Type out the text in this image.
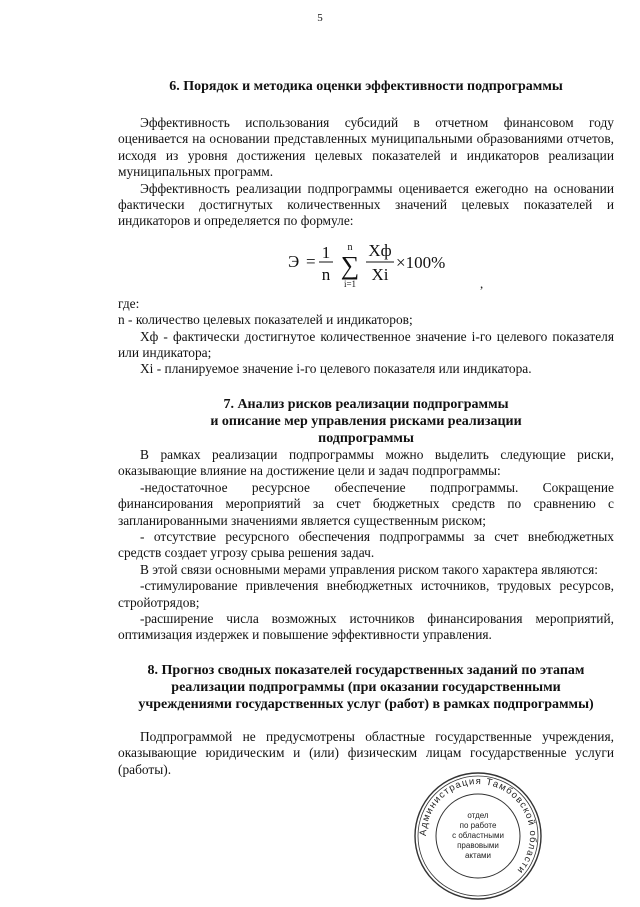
5
6. Порядок и методика оценки эффективности подпрограммы

Эффективность использования субсидий в отчетном финансовом году оценивается на основании представленных муниципальными образованиями отчетов, исходя из уровня достижения целевых показателей и индикаторов реализации муниципальных программ.

Эффективность реализации подпрограммы оценивается ежегодно на основании фактически достигнутых количественных значений целевых показателей и индикаторов и определяется по формуле:

Э = 1
n
n
∑
i=1
Хф
Хi
×100%
,

где:

n - количество целевых показателей и индикаторов;

Хф - фактически достигнутое количественное значение i-го целевого показателя или индикатора;

Хi - планируемое значение i-го целевого показателя или индикатора.

7. Анализ рисков реализации подпрограммы
и описание мер управления рисками реализации
подпрограммы

В рамках реализации подпрограммы можно выделить следующие риски, оказывающие влияние на достижение цели и задач подпрограммы:

-недостаточное ресурсное обеспечение подпрограммы. Сокращение финансирования мероприятий за счет бюджетных средств по сравнению с запланированными значениями является существенным риском;

- отсутствие ресурсного обеспечения подпрограммы за счет внебюджетных средств создает угрозу срыва решения задач.

В этой связи основными мерами управления риском такого характера являются:

-стимулирование привлечения внебюджетных источников, трудовых ресурсов, стройотрядов;

-расширение числа возможных источников финансирования мероприятий, оптимизация издержек и повышение эффективности управления.

8. Прогноз сводных показателей государственных заданий по этапам
реализации подпрограммы (при оказании государственными
учреждениями государственных услуг (работ) в рамках подпрограммы)

Подпрограммой не предусмотрены областные государственные учреждения, оказывающие юридическим и (или) физическим лицам государственные услуги (работы).

Администрация Тамбовской области
отдел
по работе
с областными
правовыми
актами
